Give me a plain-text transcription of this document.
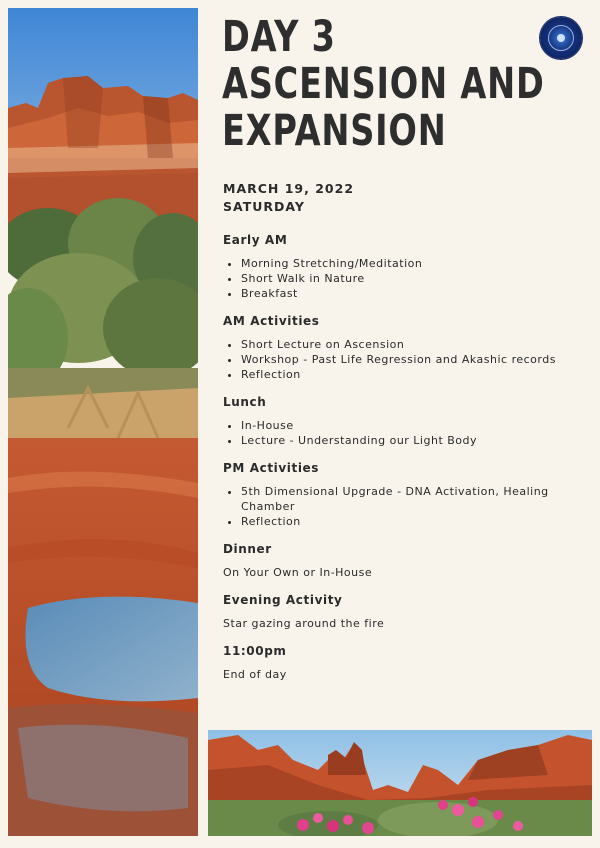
DAY 3
ASCENSION AND
EXPANSION
MARCH 19, 2022
SATURDAY
Early AM
• Morning Stretching/Meditation
• Short Walk in Nature
• Breakfast
AM Activities
• Short Lecture on Ascension
• Workshop - Past Life Regression and Akashic records
• Reflection
Lunch
• In-House
• Lecture - Understanding our Light Body
PM Activities
• 5th Dimensional Upgrade - DNA Activation, Healing Chamber
• Reflection
Dinner

On Your Own or In-House

Evening Activity

Star gazing around the fire

11:00pm

End of day
